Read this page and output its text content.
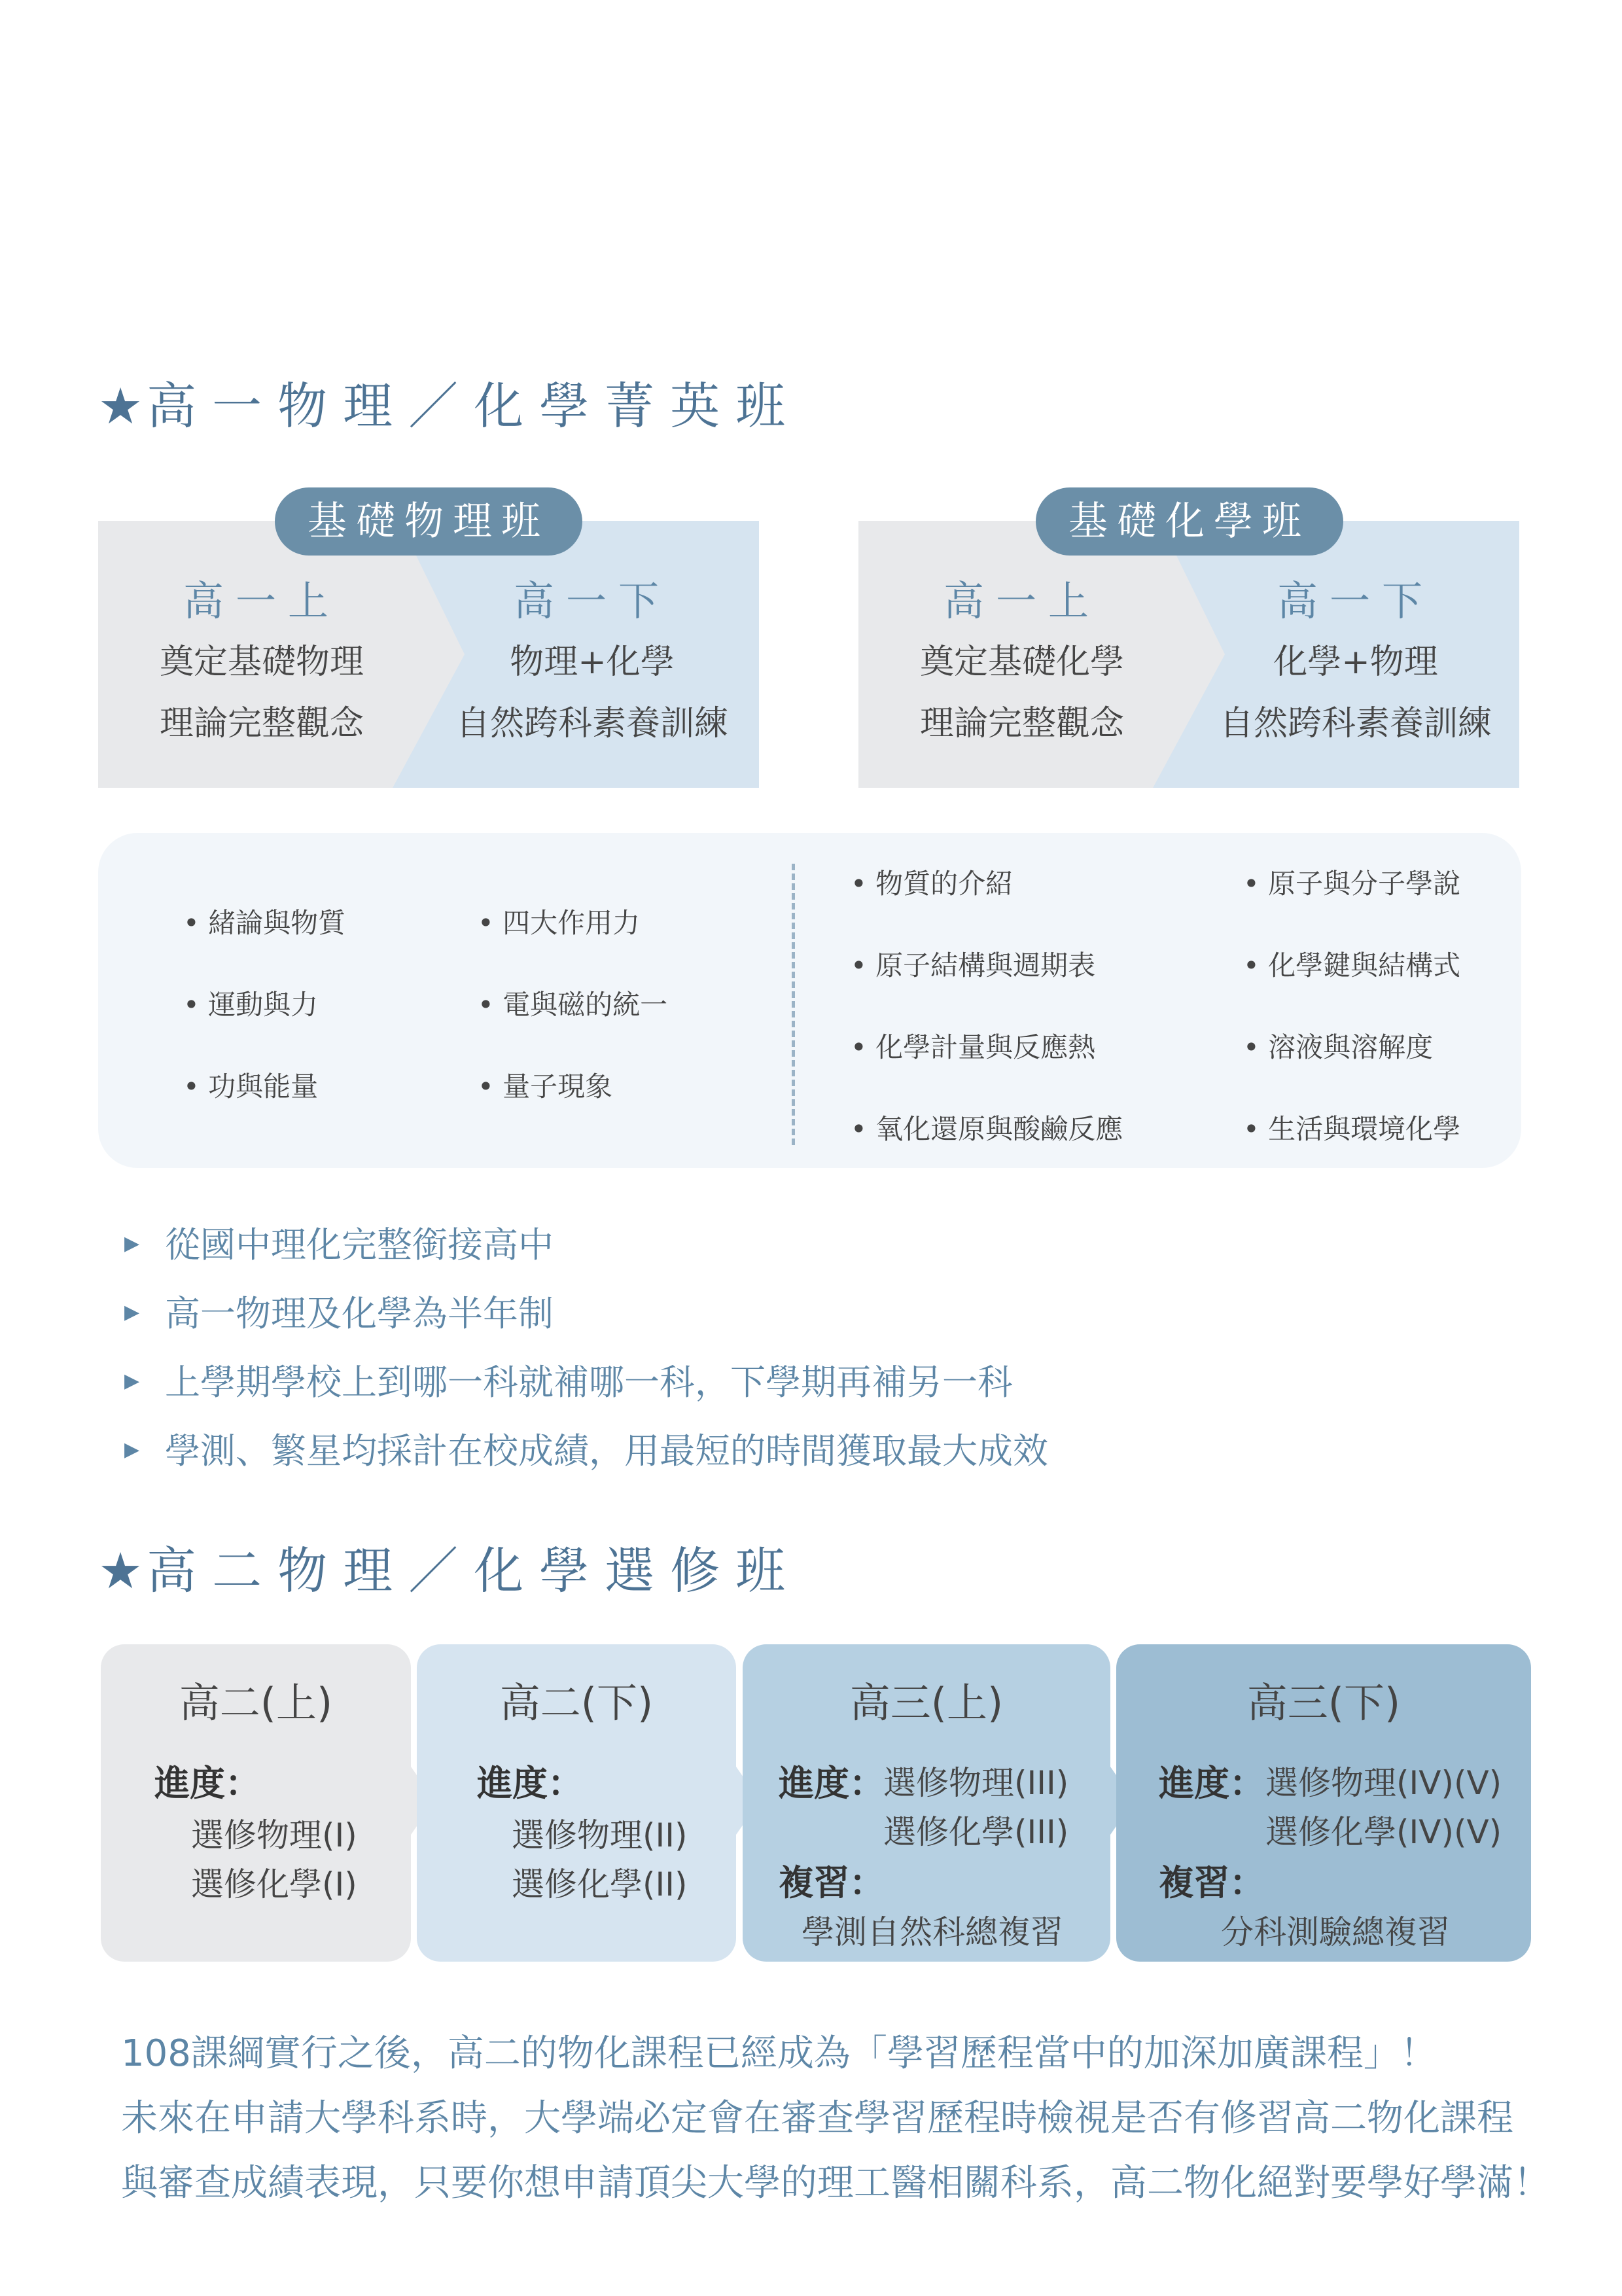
★高一物理／化學菁英班
高一上
奠定基礎物理
理論完整觀念
高一下
物理+化學
自然跨科素養訓練
基礎物理班
高一上
奠定基礎化學
理論完整觀念
高一下
化學+物理
自然跨科素養訓練
基礎化學班
• 緒論與物質
• 運動與力
• 功與能量
• 四大作用力
• 電與磁的統一
• 量子現象
• 物質的介紹
• 原子結構與週期表
• 化學計量與反應熱
• 氧化還原與酸鹼反應
• 原子與分子學說
• 化學鍵與結構式
• 溶液與溶解度
• 生活與環境化學
▶ 從國中理化完整銜接高中
▶ 高一物理及化學為半年制
▶ 上學期學校上到哪一科就補哪一科，下學期再補另一科
▶ 學測、繁星均採計在校成績，用最短的時間獲取最大成效
★高二物理／化學選修班
高二(上)
進度：
選修物理(I)
選修化學(I)
高二(下)
進度：
選修物理(II)
選修化學(II)
高三(上)
進度：
選修物理(III)
選修化學(III)
複習：
學測自然科總複習
高三(下)
進度： 選修物理(IV)(V)
選修化學(IV)(V)
複習：
分科測驗總複習
108課綱實行之後，高二的物化課程已經成為「學習歷程當中的加深加廣課程」！
未來在申請大學科系時，大學端必定會在審查學習歷程時檢視是否有修習高二物化課程
與審查成績表現，只要你想申請頂尖大學的理工醫相關科系，高二物化絕對要學好學滿！
